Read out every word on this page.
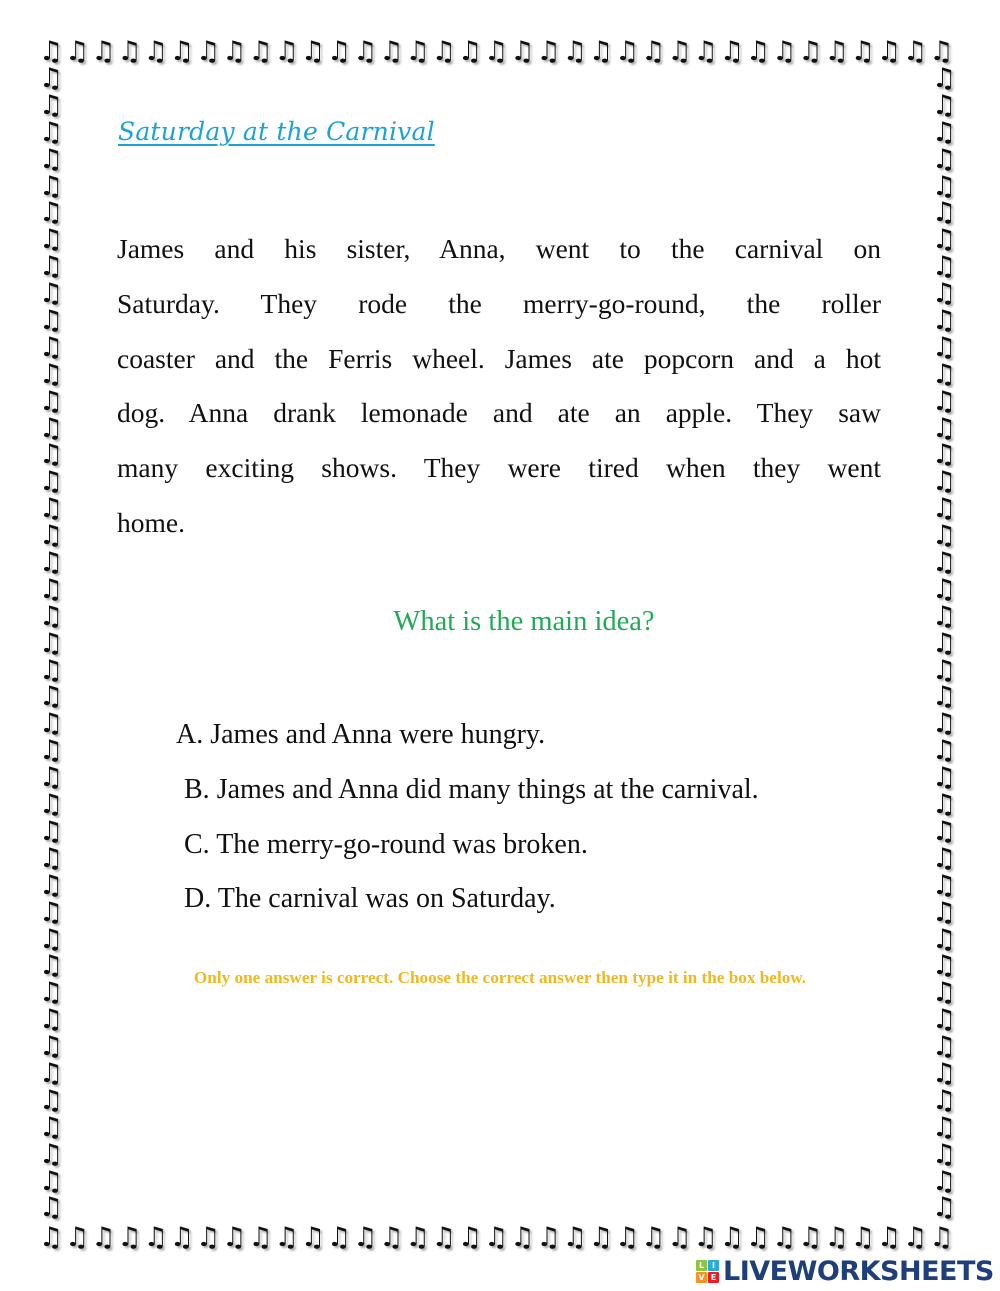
♫ ♫ ♫ ♫ ♫ ♫ ♫ ♫ ♫ ♫ ♫ ♫ ♫ ♫ ♫ ♫ ♫ ♫ ♫ ♫ ♫ ♫ ♫ ♫ ♫ ♫ ♫ ♫ ♫ ♫ ♫ ♫ ♫ ♫ ♫
♫
♫
♫
♫
♫
♫
♫
♫
♫
♫
♫
♫
♫
♫
♫
♫
♫
♫
♫
♫
♫
♫
♫
♫
♫
♫
♫
♫
♫
♫
♫
♫
♫
♫
♫
♫
♫
♫
♫
♫
♫
♫
♫
♫
♫
♫
♫
♫
♫
♫
♫
♫
♫
♫
♫
♫
♫
♫
♫
♫
♫
♫
♫
♫
♫
♫
♫
♫
♫
♫
♫
♫
♫
♫
♫
♫
♫
♫
♫
♫
♫
♫
♫
♫
♫
♫
♫ ♫ ♫ ♫ ♫ ♫ ♫ ♫ ♫ ♫ ♫ ♫ ♫ ♫ ♫ ♫ ♫ ♫ ♫ ♫ ♫ ♫ ♫ ♫ ♫ ♫ ♫ ♫ ♫ ♫ ♫ ♫ ♫ ♫ ♫
Saturday at the Carnival
James and his sister, Anna, went to the carnival on
Saturday. They rode the merry-go-round, the roller
coaster and the Ferris wheel. James ate popcorn and a hot
dog. Anna drank lemonade and ate an apple. They saw
many exciting shows. They were tired when they went
home.
What is the main idea?
A. James and Anna were hungry.
B. James and Anna did many things at the carnival.
C. The merry-go-round was broken.
D. The carnival was on Saturday.
Only one answer is correct. Choose the correct answer then type it in the box below.
L I
V E LIVEWORKSHEETS
